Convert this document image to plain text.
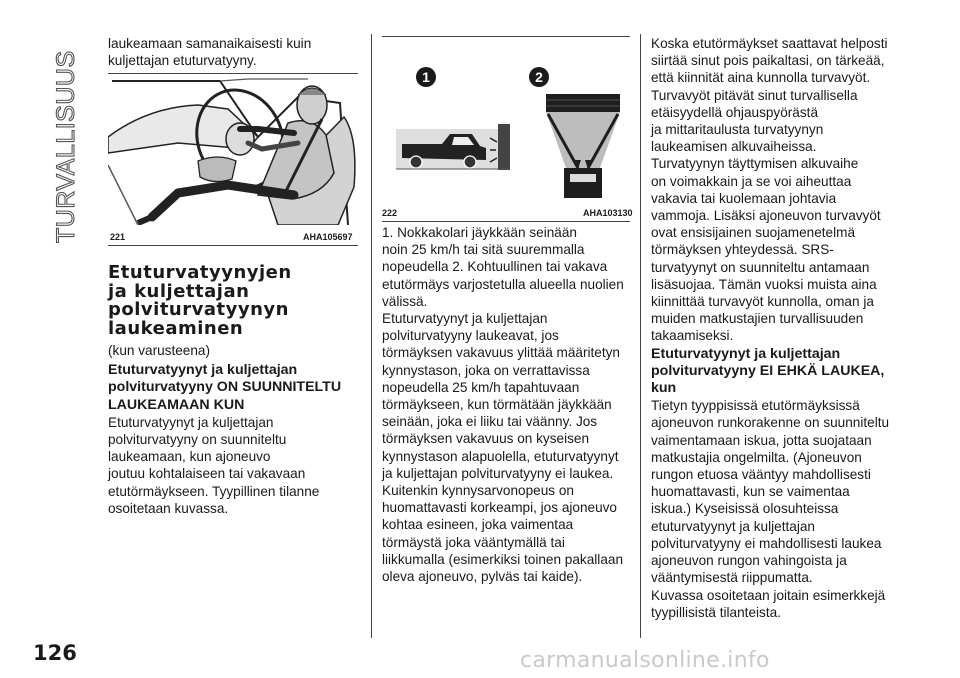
TURVALLISUUS

laukeamaan samanaikaisesti kuin

kuljettajan etuturvatyyny.

221	AHA105697
Etuturvatyynyjen
ja kuljettajan
polviturvatyynyn
laukeaminen

(kun varusteena)

Etuturvatyynyt ja kuljettajan
polviturvatyyny ON SUUNNITELTU
LAUKEAMAAN KUN

Etuturvatyynyt ja kuljettajan

polviturvatyyny on suunniteltu

laukeamaan, kun ajoneuvo

joutuu kohtalaiseen tai vakavaan

etutörmäykseen. Tyypillinen tilanne

osoitetaan kuvassa.

1	2
222	AHA103130

1. Nokkakolari jäykkään seinään

noin 25 km/h tai sitä suuremmalla

nopeudella 2. Kohtuullinen tai vakava

etutörmäys varjostetulla alueella nuolien

välissä.

Etuturvatyynyt ja kuljettajan

polviturvatyyny laukeavat, jos

törmäyksen vakavuus ylittää määritetyn

kynnystason, joka on verrattavissa

nopeudella 25 km/h tapahtuvaan

törmäykseen, kun törmätään jäykkään

seinään, joka ei liiku tai väänny. Jos

törmäyksen vakavuus on kyseisen

kynnystason alapuolella, etuturvatyynyt

ja kuljettajan polviturvatyyny ei laukea.

Kuitenkin kynnysarvonopeus on

huomattavasti korkeampi, jos ajoneuvo

kohtaa esineen, joka vaimentaa

törmäystä joka vääntymällä tai

liikkumalla (esimerkiksi toinen pakallaan

oleva ajoneuvo, pylväs tai kaide).

Koska etutörmäykset saattavat helposti

siirtää sinut pois paikaltasi, on tärkeää,

että kiinnität aina kunnolla turvavyöt.

Turvavyöt pitävät sinut turvallisella

etäisyydellä ohjauspyörästä

ja mittaritaulusta turvatyynyn

laukeamisen alkuvaiheissa.

Turvatyynyn täyttymisen alkuvaihe

on voimakkain ja se voi aiheuttaa

vakavia tai kuolemaan johtavia

vammoja. Lisäksi ajoneuvon turvavyöt

ovat ensisijainen suojamenetelmä

törmäyksen yhteydessä. SRS-

turvatyynyt on suunniteltu antamaan

lisäsuojaa. Tämän vuoksi muista aina

kiinnittää turvavyöt kunnolla, oman ja

muiden matkustajien turvallisuuden

takaamiseksi.

Etuturvatyynyt ja kuljettajan
polviturvatyyny EI EHKÄ LAUKEA,
kun

Tietyn tyyppisissä etutörmäyksissä

ajoneuvon runkorakenne on suunniteltu

vaimentamaan iskua, jotta suojataan

matkustajia ongelmilta. (Ajoneuvon

rungon etuosa vääntyy mahdollisesti

huomattavasti, kun se vaimentaa

iskua.) Kyseisissä olosuhteissa

etuturvatyynyt ja kuljettajan

polviturvatyyny ei mahdollisesti laukea

ajoneuvon rungon vahingoista ja

vääntymisestä riippumatta.

Kuvassa osoitetaan joitain esimerkkejä

tyypillisistä tilanteista.

126	carmanualsonline.info
